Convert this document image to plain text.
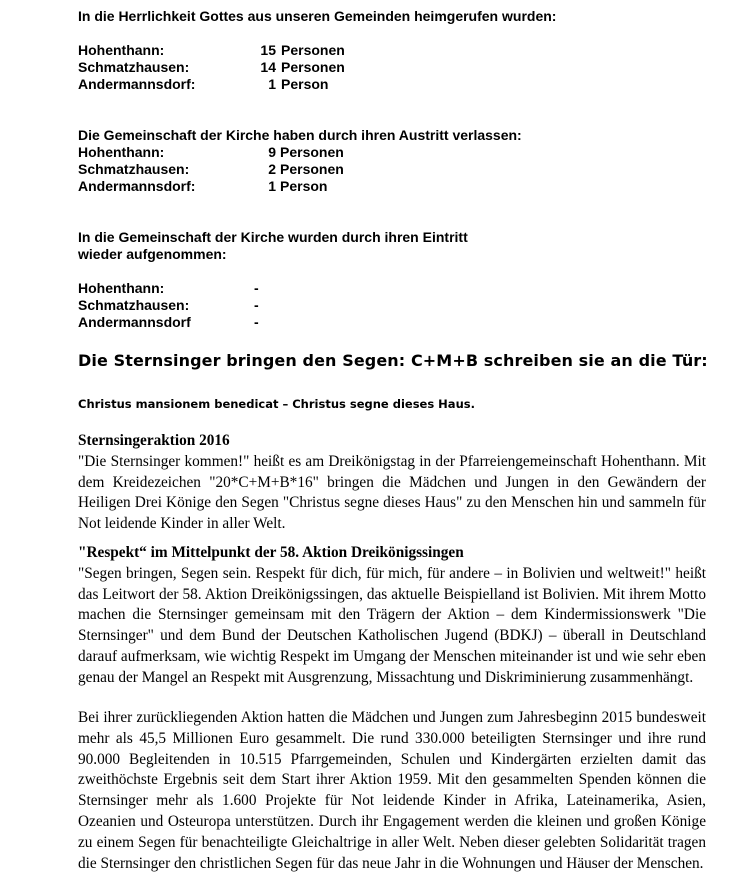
In die Herrlichkeit Gottes aus unseren Gemeinden heimgerufen wurden:
Hohenthann:	15 Personen
Schmatzhausen:	14 Personen
Andermannsdorf:	1 Person
Die Gemeinschaft der Kirche haben durch ihren Austritt verlassen:
Hohenthann:	9 Personen
Schmatzhausen:	2 Personen
Andermannsdorf:	1 Person
In die Gemeinschaft der Kirche wurden durch ihren Eintritt
wieder aufgenommen:
Hohenthann:	-
Schmatzhausen:	-
Andermannsdorf	-
Die Sternsinger bringen den Segen: C+M+B schreiben sie an die Tür:
Christus mansionem benedicat – Christus segne dieses Haus.
Sternsingeraktion 2016
"Die Sternsinger kommen!" heißt es am Dreikönigstag in der Pfarreiengemeinschaft Hohenthann. Mit dem Kreidezeichen "20*C+M+B*16" bringen die Mädchen und Jungen in den Gewändern der Heiligen Drei Könige den Segen "Christus segne dieses Haus" zu den Menschen hin und sammeln für Not leidende Kinder in aller Welt.
"Respekt“ im Mittelpunkt der 58. Aktion Dreikönigssingen
"Segen bringen, Segen sein. Respekt für dich, für mich, für andere – in Bolivien und weltweit!" heißt das Leitwort der 58. Aktion Dreikönigssingen, das aktuelle Beispielland ist Bolivien. Mit ihrem Motto machen die Sternsinger gemeinsam mit den Trägern der Aktion – dem Kindermissionswerk "Die Sternsinger" und dem Bund der Deutschen Katholischen Jugend (BDKJ) – überall in Deutschland darauf aufmerksam, wie wichtig Respekt im Umgang der Menschen miteinander ist und wie sehr eben genau der Mangel an Respekt mit Ausgrenzung, Missachtung und Diskriminierung zusammenhängt.
Bei ihrer zurückliegenden Aktion hatten die Mädchen und Jungen zum Jahresbeginn 2015 bundesweit mehr als 45,5 Millionen Euro gesammelt. Die rund 330.000 beteiligten Sternsinger und ihre rund 90.000 Begleitenden in 10.515 Pfarrgemeinden, Schulen und Kindergärten erzielten damit das zweithöchste Ergebnis seit dem Start ihrer Aktion 1959. Mit den gesammelten Spenden können die Sternsinger mehr als 1.600 Projekte für Not leidende Kinder in Afrika, Lateinamerika, Asien, Ozeanien und Osteuropa unterstützen. Durch ihr Engagement werden die kleinen und großen Könige zu einem Segen für benachteiligte Gleichaltrige in aller Welt. Neben dieser gelebten Solidarität tragen die Sternsinger den christlichen Segen für das neue Jahr in die Wohnungen und Häuser der Menschen.
